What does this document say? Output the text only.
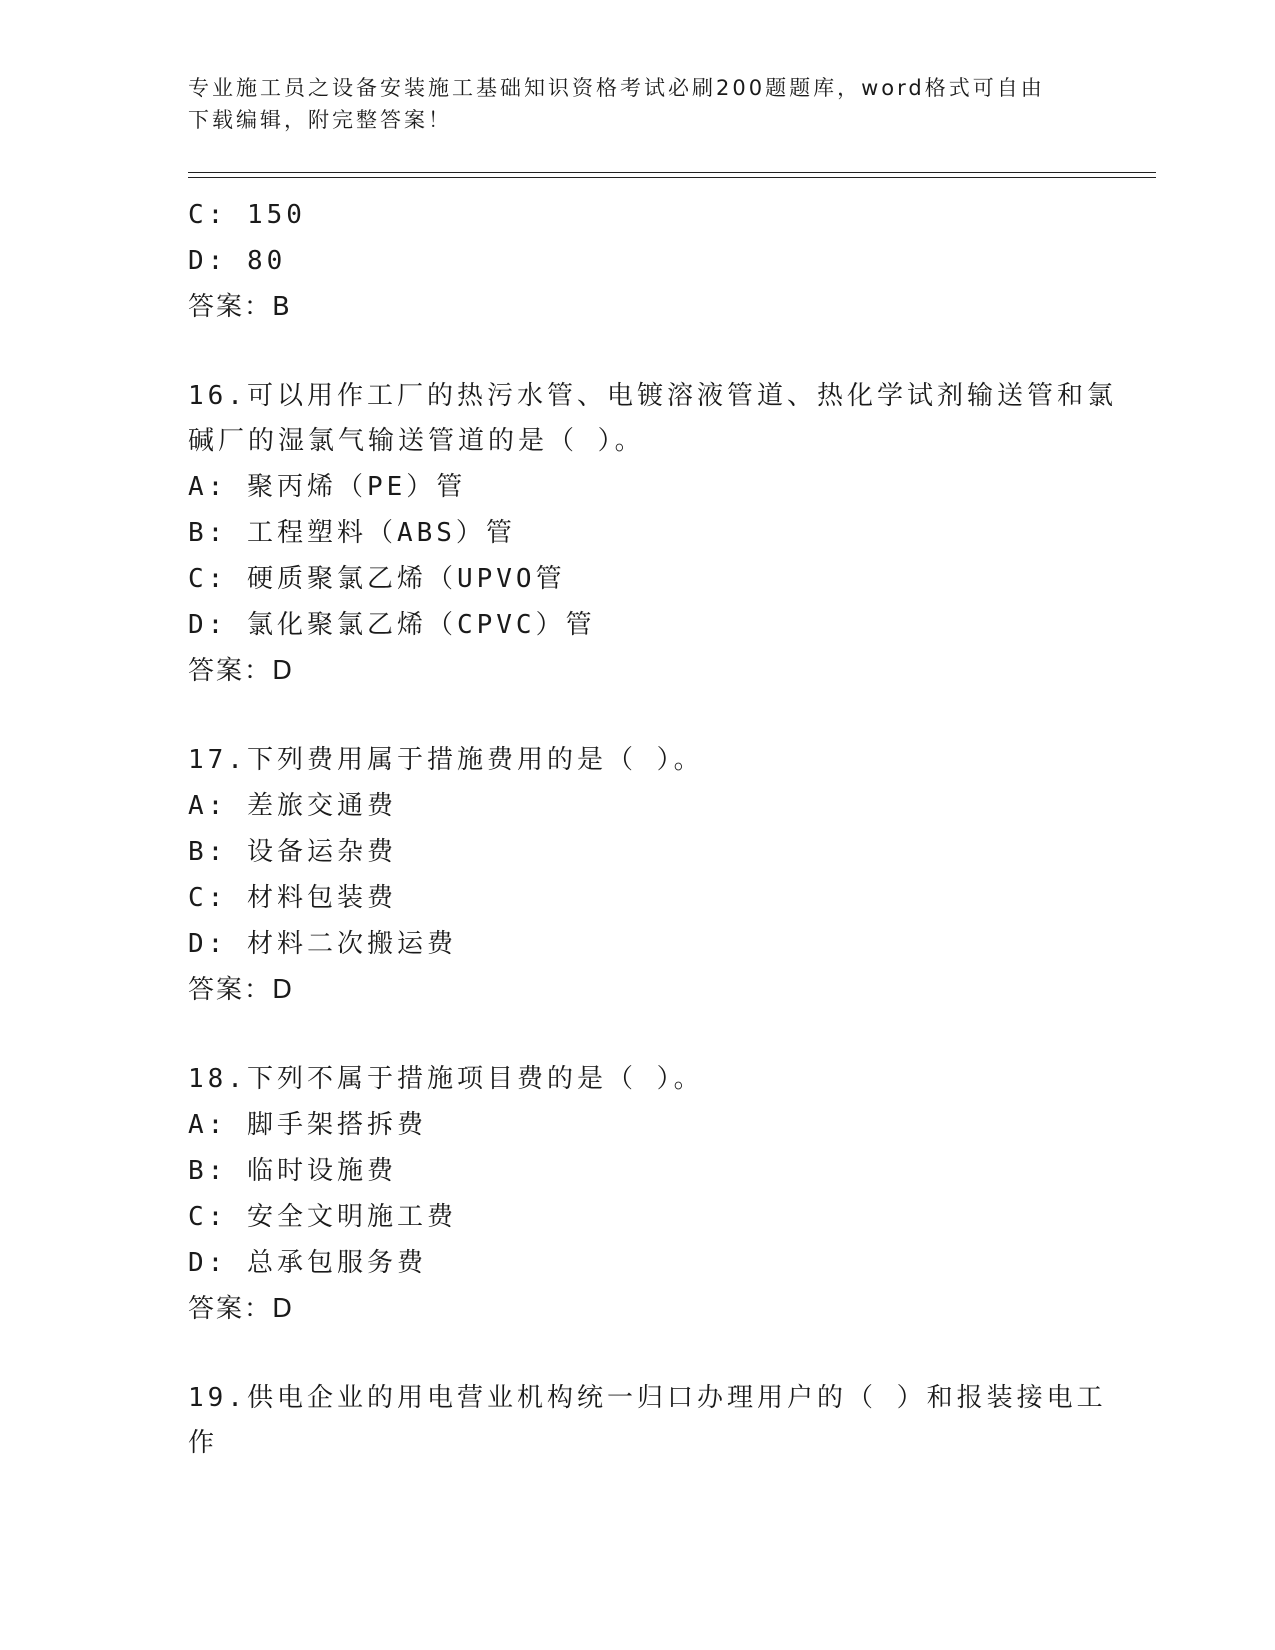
专业施工员之设备安装施工基础知识资格考试必刷200题题库，word格式可自由
下载编辑，附完整答案！
C: 150
D: 80
答案：B
16.可以用作工厂的热污水管、电镀溶液管道、热化学试剂输送管和氯
碱厂的湿氯气输送管道的是（ ）。
A: 聚丙烯（PE）管
B: 工程塑料（ABS）管
C: 硬质聚氯乙烯（UPVO管
D: 氯化聚氯乙烯（CPVC）管
答案：D
17.下列费用属于措施费用的是（ ）。
A: 差旅交通费
B: 设备运杂费
C: 材料包装费
D: 材料二次搬运费
答案：D
18.下列不属于措施项目费的是（ ）。
A: 脚手架搭拆费
B: 临时设施费
C: 安全文明施工费
D: 总承包服务费
答案：D
19.供电企业的用电营业机构统一归口办理用户的（ ）和报装接电工
作
